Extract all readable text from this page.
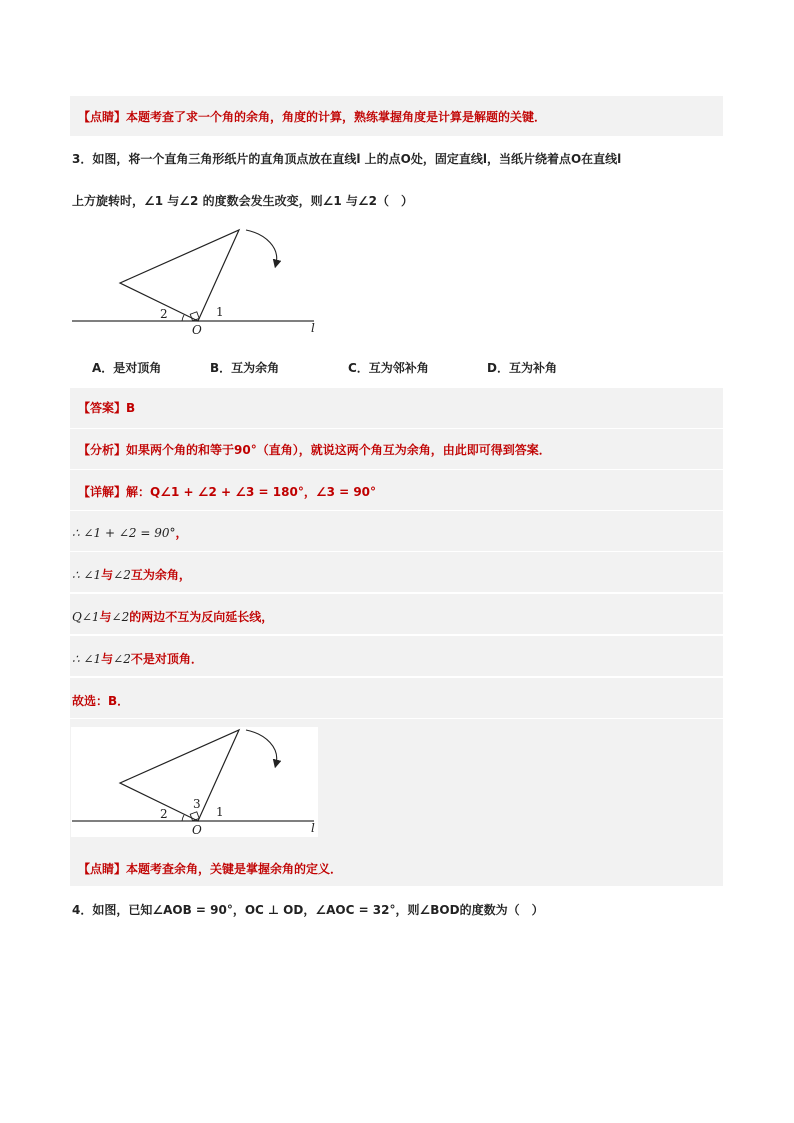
【点睛】本题考查了求一个角的余角，角度的计算，熟练掌握角度是计算是解题的关键．
3．如图，将一个直角三角形纸片的直角顶点放在直线l 上的点O处，固定直线l，当纸片绕着点O在直线l
上方旋转时，∠1 与∠2 的度数会发生改变，则∠1 与∠2（　）
2	1
O	l
A．是对顶角	B．互为余角	C．互为邻补角	D．互为补角
【答案】B
【分析】如果两个角的和等于90°（直角），就说这两个角互为余角，由此即可得到答案．
【详解】解：Q∠1 + ∠2 + ∠3 = 180°，∠3 = 90°
∴ ∠1 + ∠2 = 90°，
∴ ∠1与∠2互为余角，
Q∠1与∠2的两边不互为反向延长线，
∴ ∠1与∠2不是对顶角．
故选：B．
2
3
1
O	l
【点睛】本题考查余角，关键是掌握余角的定义．
4．如图，已知∠AOB = 90°，OC ⊥ OD，∠AOC = 32°，则∠BOD的度数为（　）
